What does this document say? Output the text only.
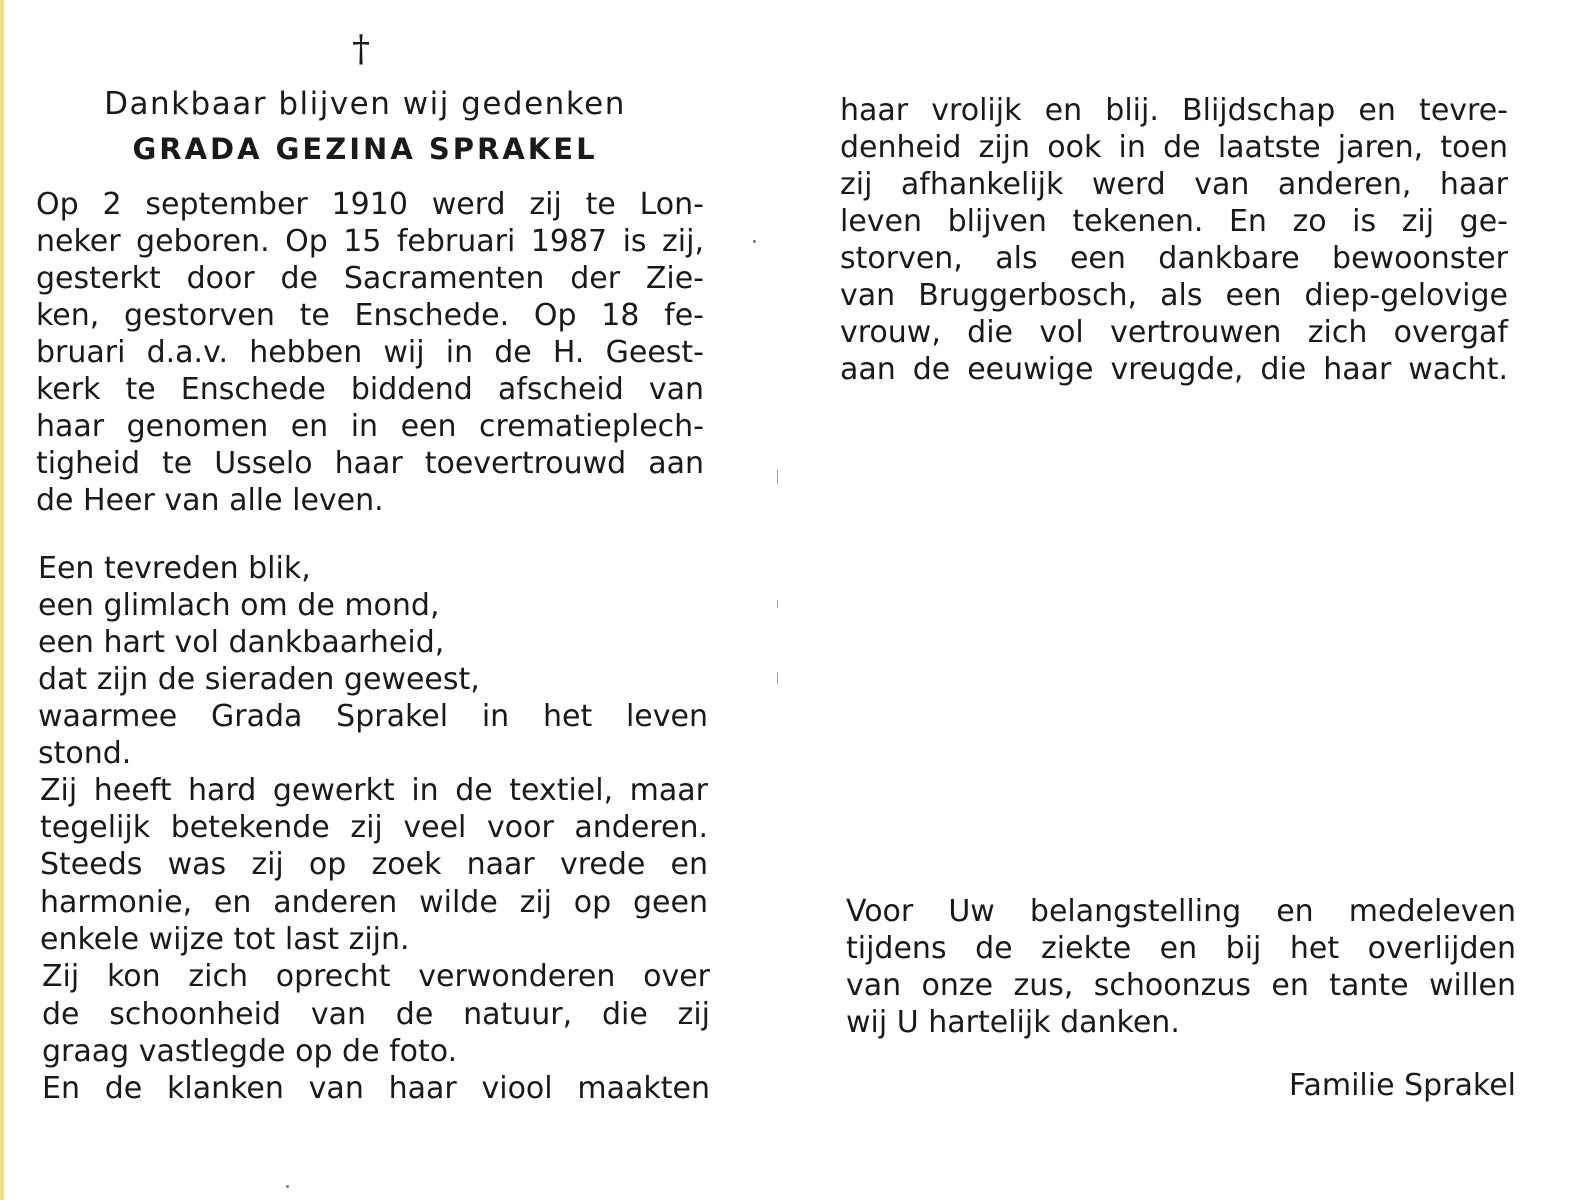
†
Dankbaar blijven wij gedenken
GRADA GEZINA SPRAKEL
Op 2 september 1910 werd zij te Lon-
neker geboren. Op 15 februari 1987 is zij,
gesterkt door de Sacramenten der Zie-
ken, gestorven te Enschede. Op 18 fe-
bruari d.a.v. hebben wij in de H. Geest-
kerk te Enschede biddend afscheid van
haar genomen en in een crematieplech-
tigheid te Usselo haar toevertrouwd aan
de Heer van alle leven.
Een tevreden blik,
een glimlach om de mond,
een hart vol dankbaarheid,
dat zijn de sieraden geweest,
waarmee Grada Sprakel in het leven
stond.
Zij heeft hard gewerkt in de textiel, maar
tegelijk betekende zij veel voor anderen.
Steeds was zij op zoek naar vrede en
harmonie, en anderen wilde zij op geen
enkele wijze tot last zijn.
Zij kon zich oprecht verwonderen over
de schoonheid van de natuur, die zij
graag vastlegde op de foto.
En de klanken van haar viool maakten
haar vrolijk en blij. Blijdschap en tevre-
denheid zijn ook in de laatste jaren, toen
zij afhankelijk werd van anderen, haar
leven blijven tekenen. En zo is zij ge-
storven, als een dankbare bewoonster
van Bruggerbosch, als een diep-gelovige
vrouw, die vol vertrouwen zich overgaf
aan de eeuwige vreugde, die haar wacht.
Voor Uw belangstelling en medeleven
tijdens de ziekte en bij het overlijden
van onze zus, schoonzus en tante willen
wij U hartelijk danken.
Familie Sprakel
